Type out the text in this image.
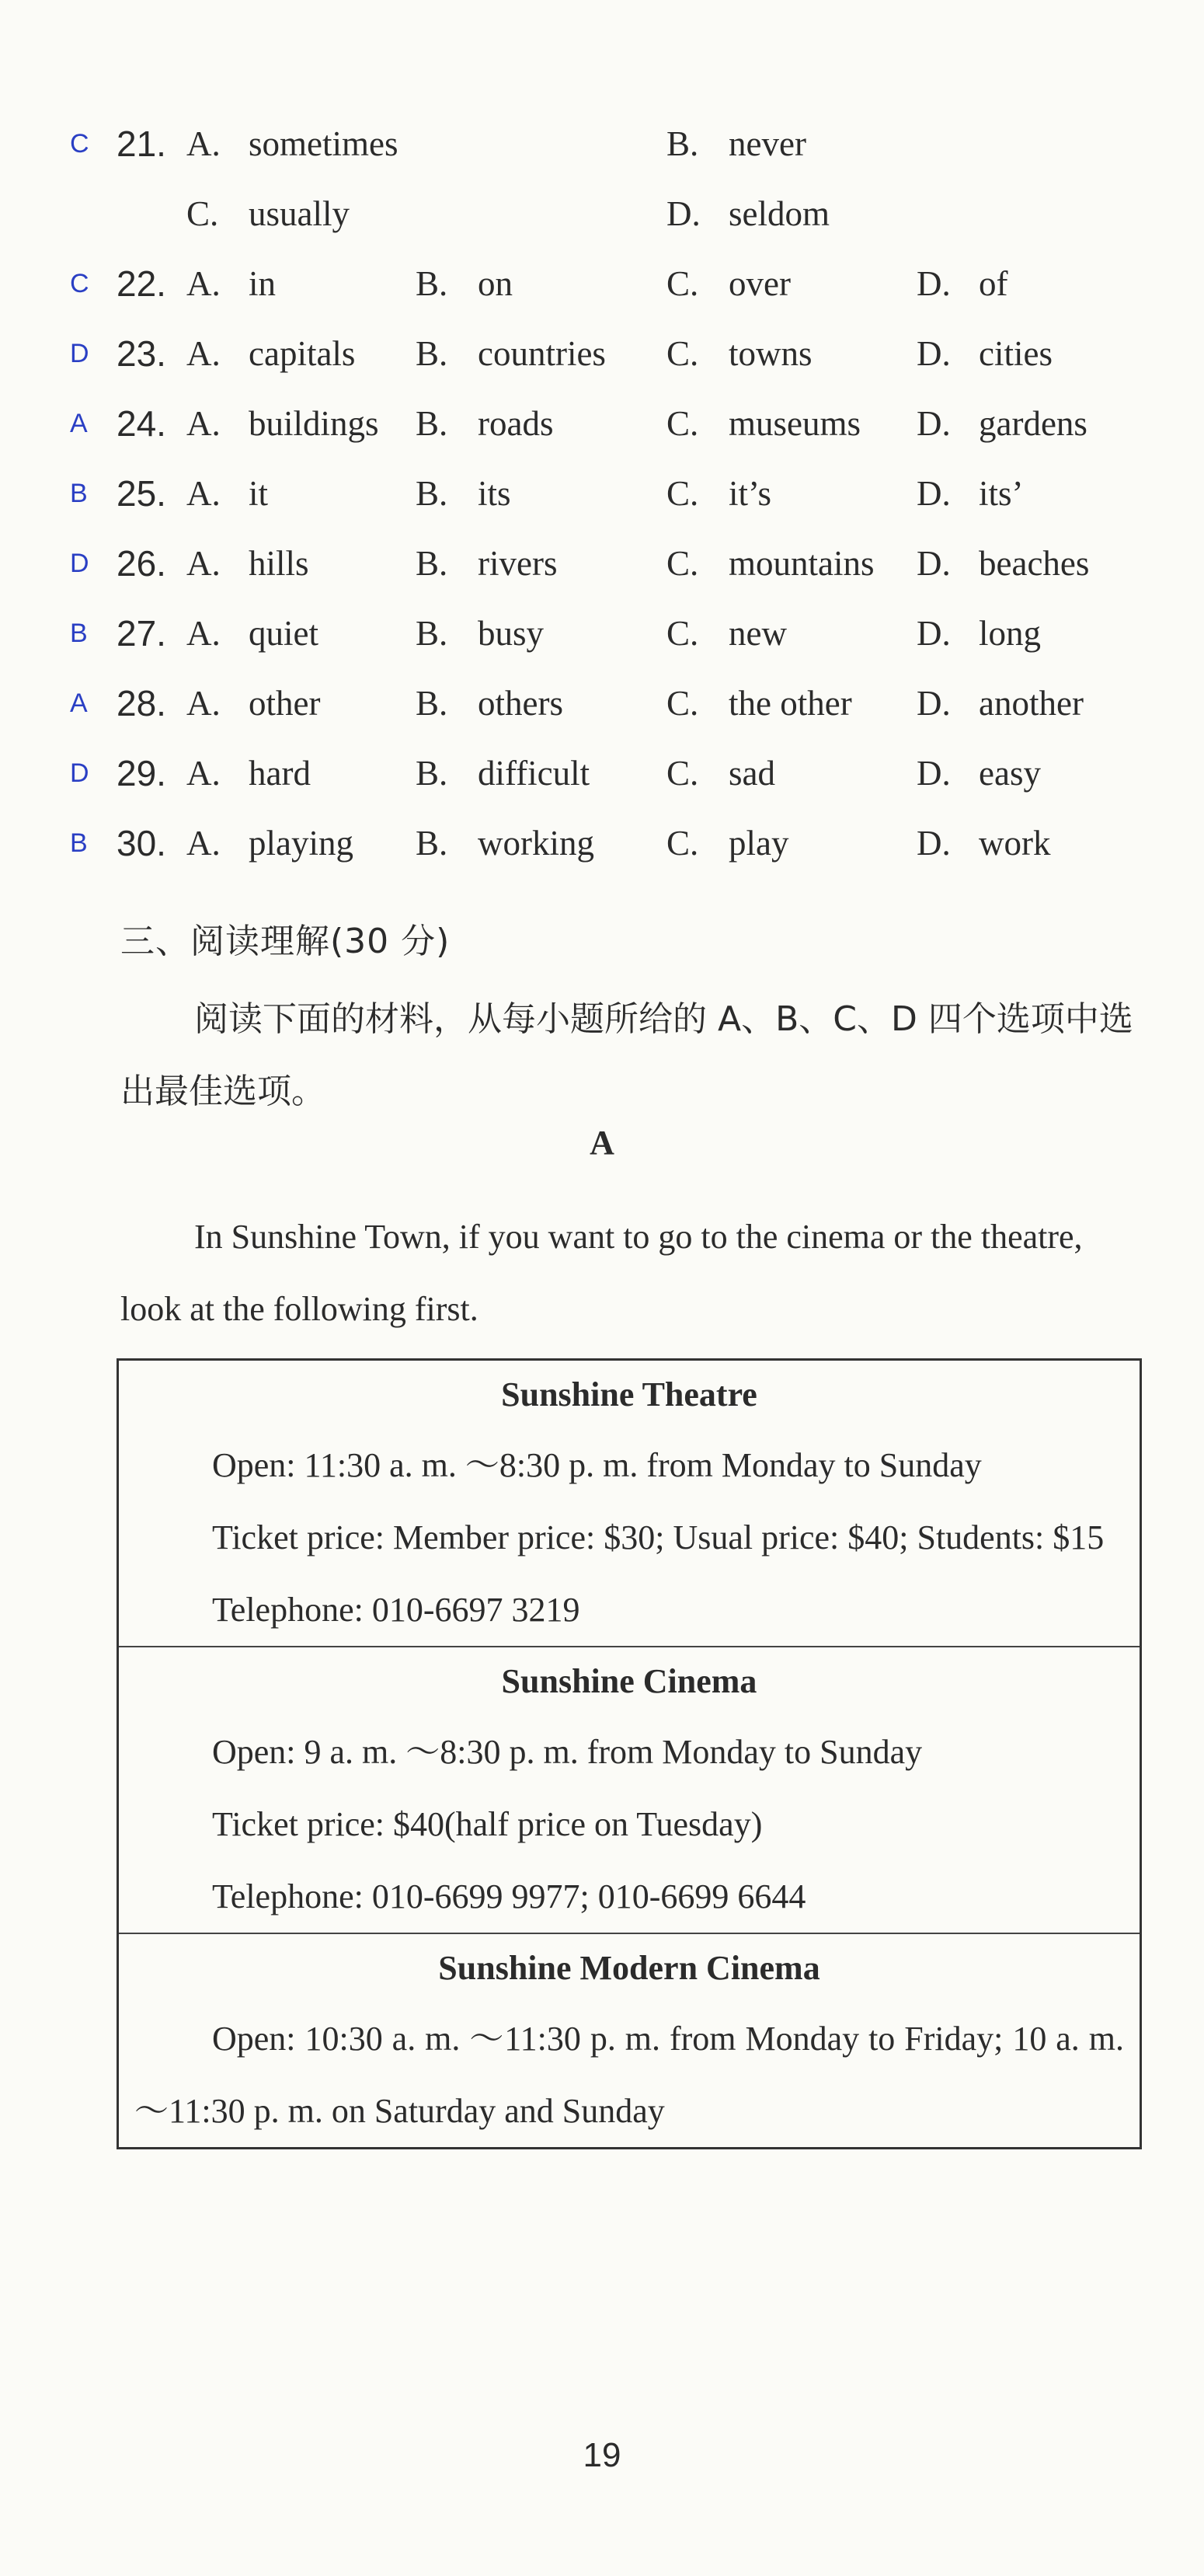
C 21. A. sometimes	B. never
C. usually	D. seldom
C 22. A. in	B. on	C. over	D. of
D 23. A. capitals B. countries C. towns	D. cities
A 24. A. buildings B. roads	C. museums D. gardens
B 25. A. it	B. its	C. it’s	D. its’
D 26. A. hills	B. rivers	C. mountains D. beaches
B 27. A. quiet	B. busy	C. new	D. long
A 28. A. other	B. others	C. the other D. another
D 29. A. hard	B. difficult C. sad	D. easy
B 30. A. playing B. working C. play	D. work
三、阅读理解(30 分)
阅读下面的材料，从每小题所给的 A、B、C、D 四个选项中选出最佳选项。
A
In Sunshine Town, if you want to go to the cinema or the theatre, look at the following first.
Sunshine Theatre

Open: 11:30 a. m. ～8:30 p. m. from Monday to Sunday

Ticket price: Member price: $30; Usual price: $40; Students: $15

Telephone: 010-6697 3219

Sunshine Cinema

Open: 9 a. m. ～8:30 p. m. from Monday to Sunday

Ticket price: $40(half price on Tuesday)

Telephone: 010-6699 9977; 010-6699 6644

Sunshine Modern Cinema

Open: 10:30 a. m. ～11:30 p. m. from Monday to Friday; 10 a. m. ～11:30 p. m. on Saturday and Sunday

19
